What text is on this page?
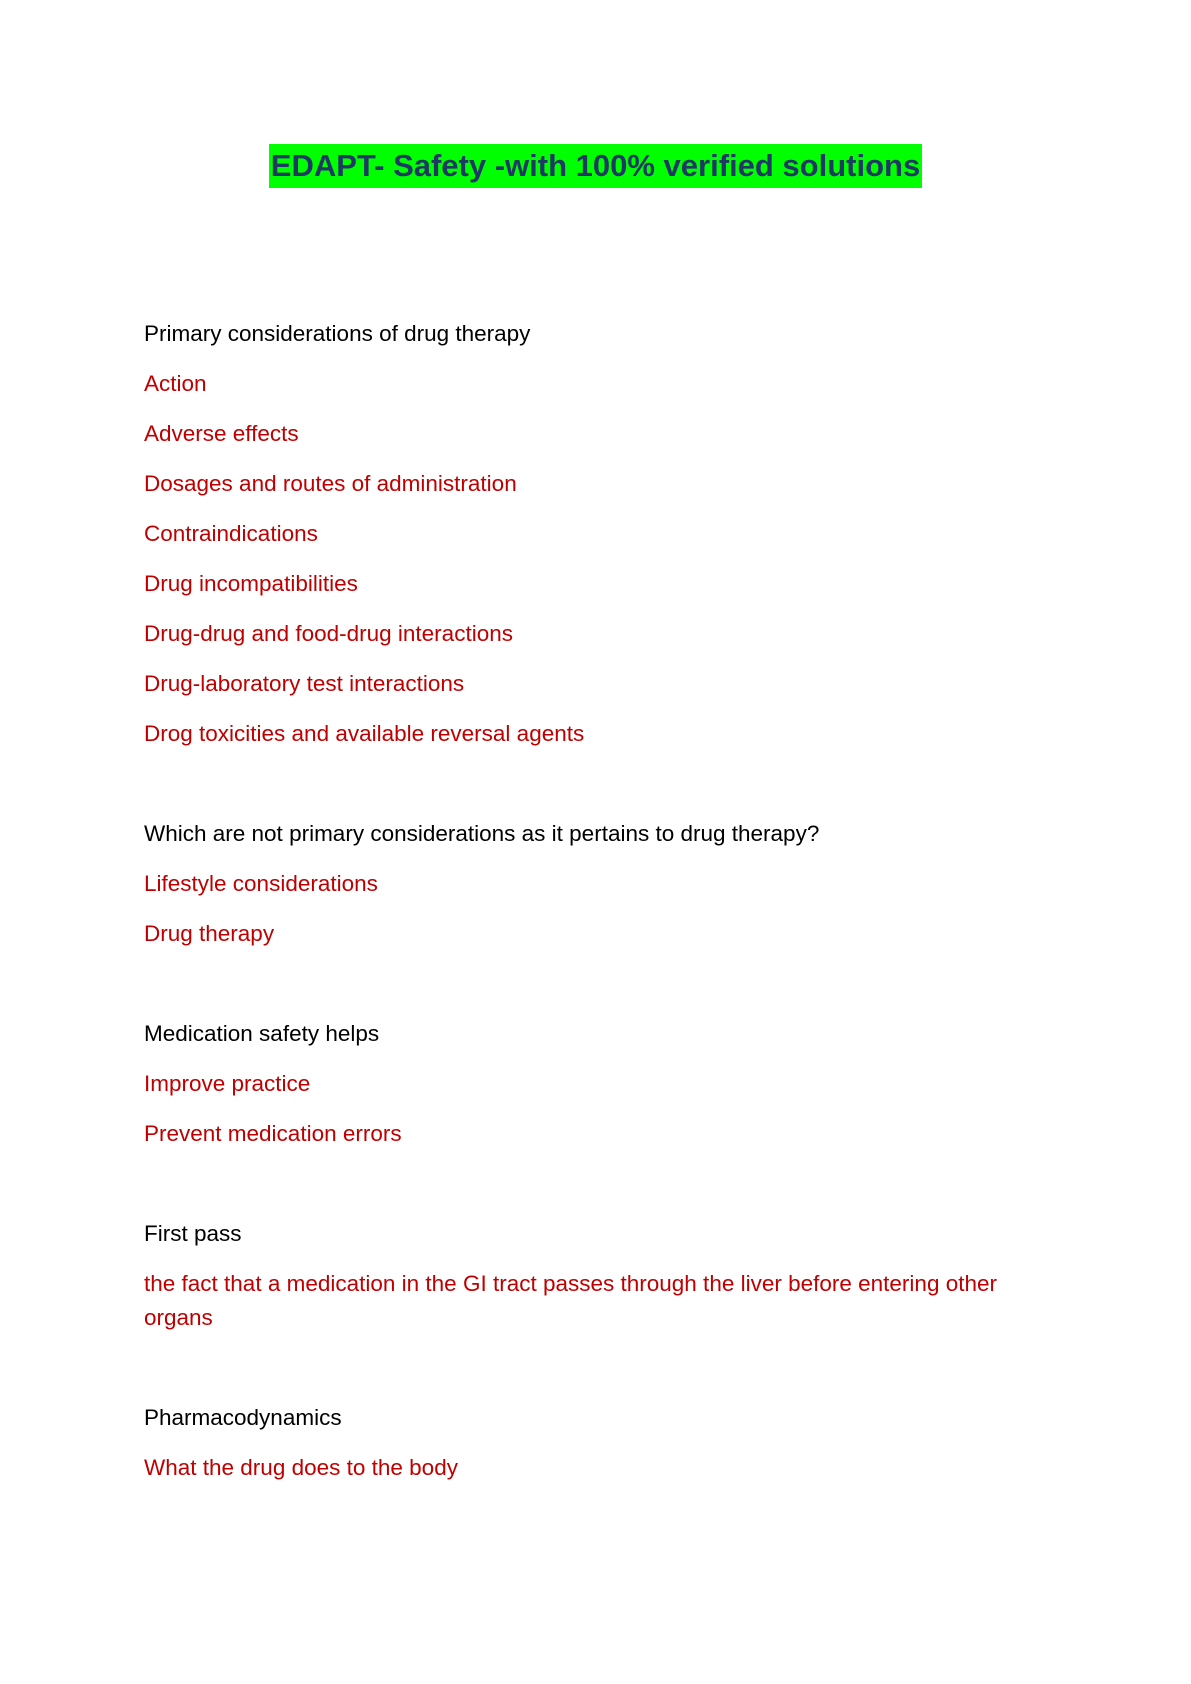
EDAPT- Safety -with 100% verified solutions
Primary considerations of drug therapy
Action
Adverse effects
Dosages and routes of administration
Contraindications
Drug incompatibilities
Drug-drug and food-drug interactions
Drug-laboratory test interactions
Drog toxicities and available reversal agents
Which are not primary considerations as it pertains to drug therapy?
Lifestyle considerations
Drug therapy
Medication safety helps
Improve practice
Prevent medication errors
First pass
the fact that a medication in the GI tract passes through the liver before entering other organs
Pharmacodynamics
What the drug does to the body
